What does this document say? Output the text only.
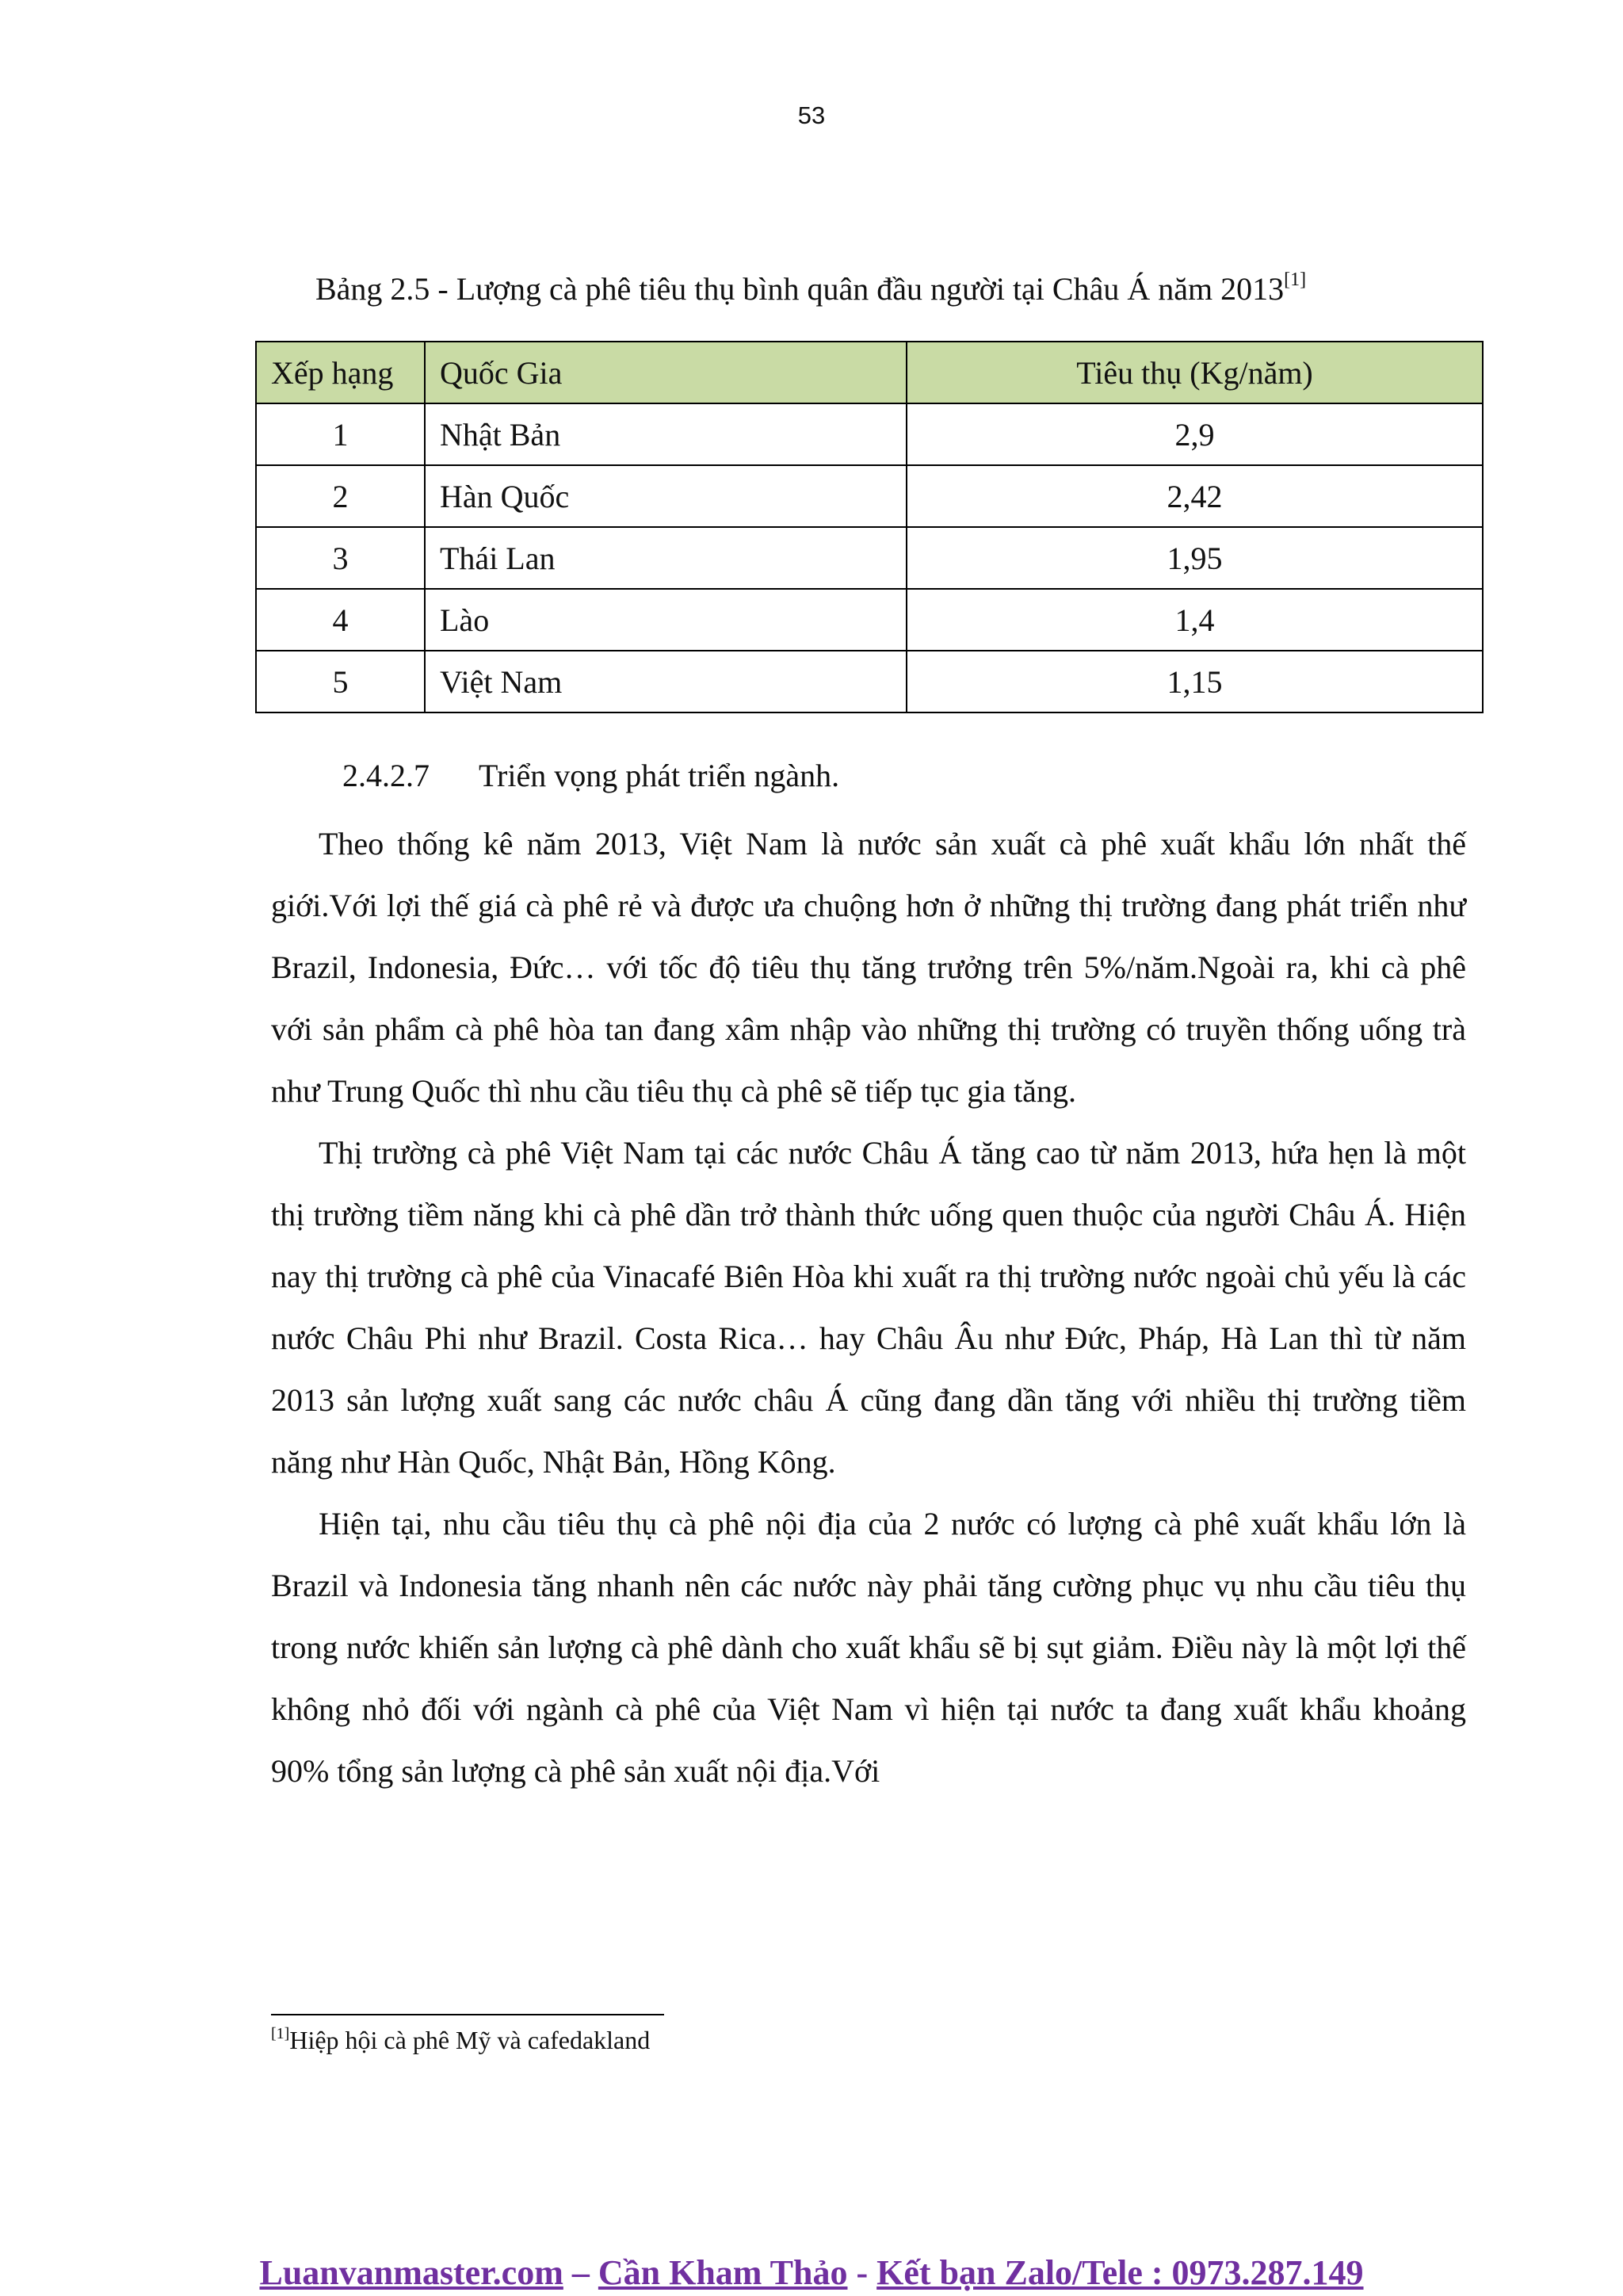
53
Bảng 2.5 - Lượng cà phê tiêu thụ bình quân đầu người tại Châu Á năm 2013[1]
Xếp hạng	Quốc Gia	Tiêu thụ (Kg/năm)
1	Nhật Bản	2,9
2	Hàn Quốc	2,42
3	Thái Lan	1,95
4	Lào	1,4
5	Việt Nam	1,15
2.4.2.7 Triển vọng phát triển ngành.

Theo thống kê năm 2013, Việt Nam là nước sản xuất cà phê xuất khẩu lớn nhất thế giới.Với lợi thế giá cà phê rẻ và được ưa chuộng hơn ở những thị trường đang phát triển như Brazil, Indonesia, Đức… với tốc độ tiêu thụ tăng trưởng trên 5%/năm.Ngoài ra, khi cà phê với sản phẩm cà phê hòa tan đang xâm nhập vào những thị trường có truyền thống uống trà như Trung Quốc thì nhu cầu tiêu thụ cà phê sẽ tiếp tục gia tăng.

Thị trường cà phê Việt Nam tại các nước Châu Á tăng cao từ năm 2013, hứa hẹn là một thị trường tiềm năng khi cà phê dần trở thành thức uống quen thuộc của người Châu Á. Hiện nay thị trường cà phê của Vinacafé Biên Hòa khi xuất ra thị trường nước ngoài chủ yếu là các nước Châu Phi như Brazil. Costa Rica… hay Châu Âu như Đức, Pháp, Hà Lan thì từ năm 2013 sản lượng xuất sang các nước châu Á cũng đang dần tăng với nhiều thị trường tiềm năng như Hàn Quốc, Nhật Bản, Hồng Kông.

Hiện tại, nhu cầu tiêu thụ cà phê nội địa của 2 nước có lượng cà phê xuất khẩu lớn là Brazil và Indonesia tăng nhanh nên các nước này phải tăng cường phục vụ nhu cầu tiêu thụ trong nước khiến sản lượng cà phê dành cho xuất khẩu sẽ bị sụt giảm. Điều này là một lợi thế không nhỏ đối với ngành cà phê của Việt Nam vì hiện tại nước ta đang xuất khẩu khoảng 90% tổng sản lượng cà phê sản xuất nội địa.Với

[1]Hiệp hội cà phê Mỹ và cafedakland
Luanvanmaster.com – Cần Kham Thảo - Kết bạn Zalo/Tele : 0973.287.149
